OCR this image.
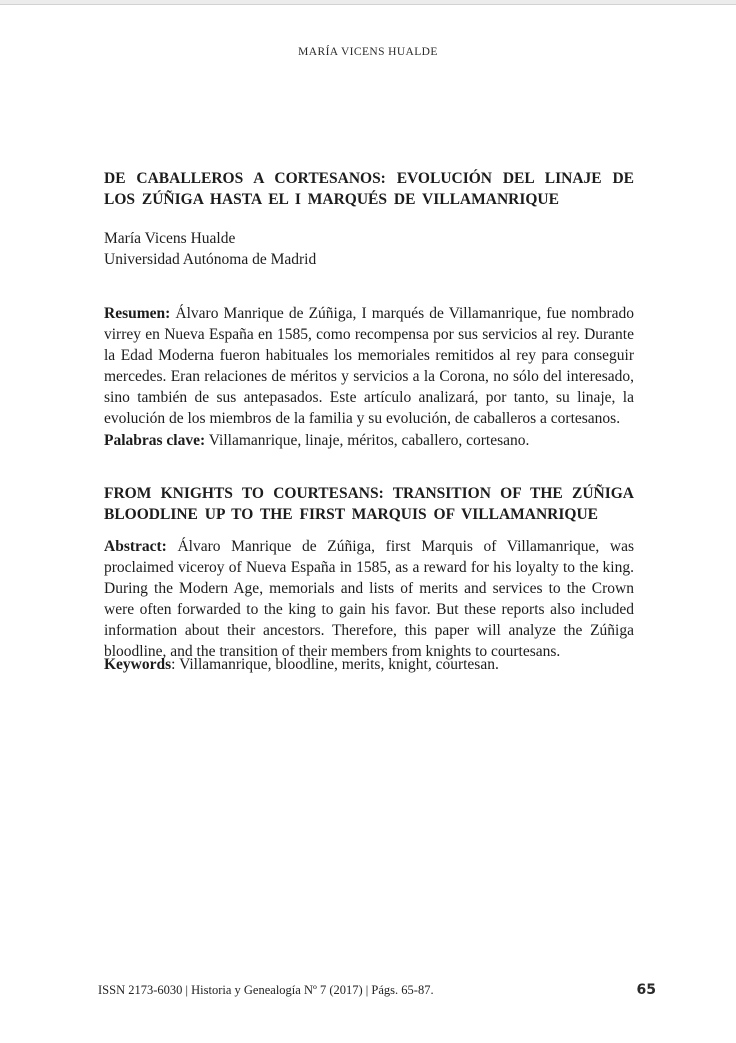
MARÍA VICENS HUALDE
DE CABALLEROS A CORTESANOS: EVOLUCIÓN DEL LINAJE DE LOS ZÚÑIGA HASTA EL I MARQUÉS DE VILLAMANRIQUE
María Vicens Hualde
Universidad Autónoma de Madrid
Resumen: Álvaro Manrique de Zúñiga, I marqués de Villamanrique, fue nombrado virrey en Nueva España en 1585, como recompensa por sus servicios al rey. Durante la Edad Moderna fueron habituales los memoriales remitidos al rey para conseguir mercedes. Eran relaciones de méritos y servicios a la Corona, no sólo del interesado, sino también de sus antepasados. Este artículo analizará, por tanto, su linaje, la evolución de los miembros de la familia y su evolución, de caballeros a cortesanos.
Palabras clave: Villamanrique, linaje, méritos, caballero, cortesano.
FROM KNIGHTS TO COURTESANS: TRANSITION OF THE ZÚÑIGA BLOODLINE UP TO THE FIRST MARQUIS OF VILLAMANRIQUE
Abstract: Álvaro Manrique de Zúñiga, first Marquis of Villamanrique, was proclaimed viceroy of Nueva España in 1585, as a reward for his loyalty to the king. During the Modern Age, memorials and lists of merits and services to the Crown were often forwarded to the king to gain his favor. But these reports also included information about their ancestors. Therefore, this paper will analyze the Zúñiga bloodline, and the transition of their members from knights to courtesans.
Keywords: Villamanrique, bloodline, merits, knight, courtesan.
ISSN 2173-6030 | Historia y Genealogía Nº 7 (2017) | Págs. 65-87.	65
